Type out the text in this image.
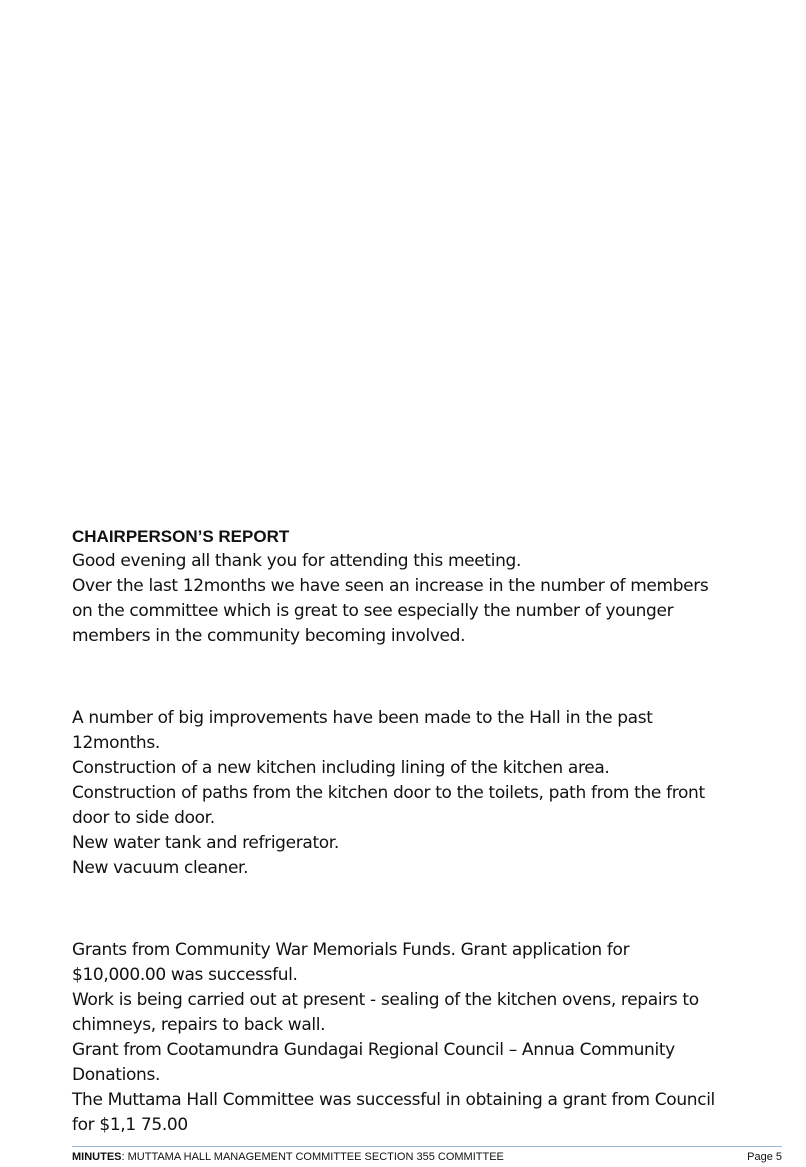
CHAIRPERSON’S REPORT

Good evening all thank you for attending this meeting.

Over the last 12months we have seen an increase in the number of members

on the committee which is great to see especially the number of younger

members in the community becoming involved.

A number of big improvements have been made to the Hall in the past

12months.

Construction of a new kitchen including lining of the kitchen area.

Construction of paths from the kitchen door to the toilets, path from the front

door to side door.

New water tank and refrigerator.

New vacuum cleaner.

Grants from Community War Memorials Funds. Grant application for

$10,000.00 was successful.

Work is being carried out at present - sealing of the kitchen ovens, repairs to

chimneys, repairs to back wall.

Grant from Cootamundra Gundagai Regional Council – Annua Community

Donations.

The Muttama Hall Committee was successful in obtaining a grant from Council

for $1,1 75.00

MINUTES: MUTTAMA HALL MANAGEMENT COMMITTEE SECTION 355 COMMITTEE	Page 5
